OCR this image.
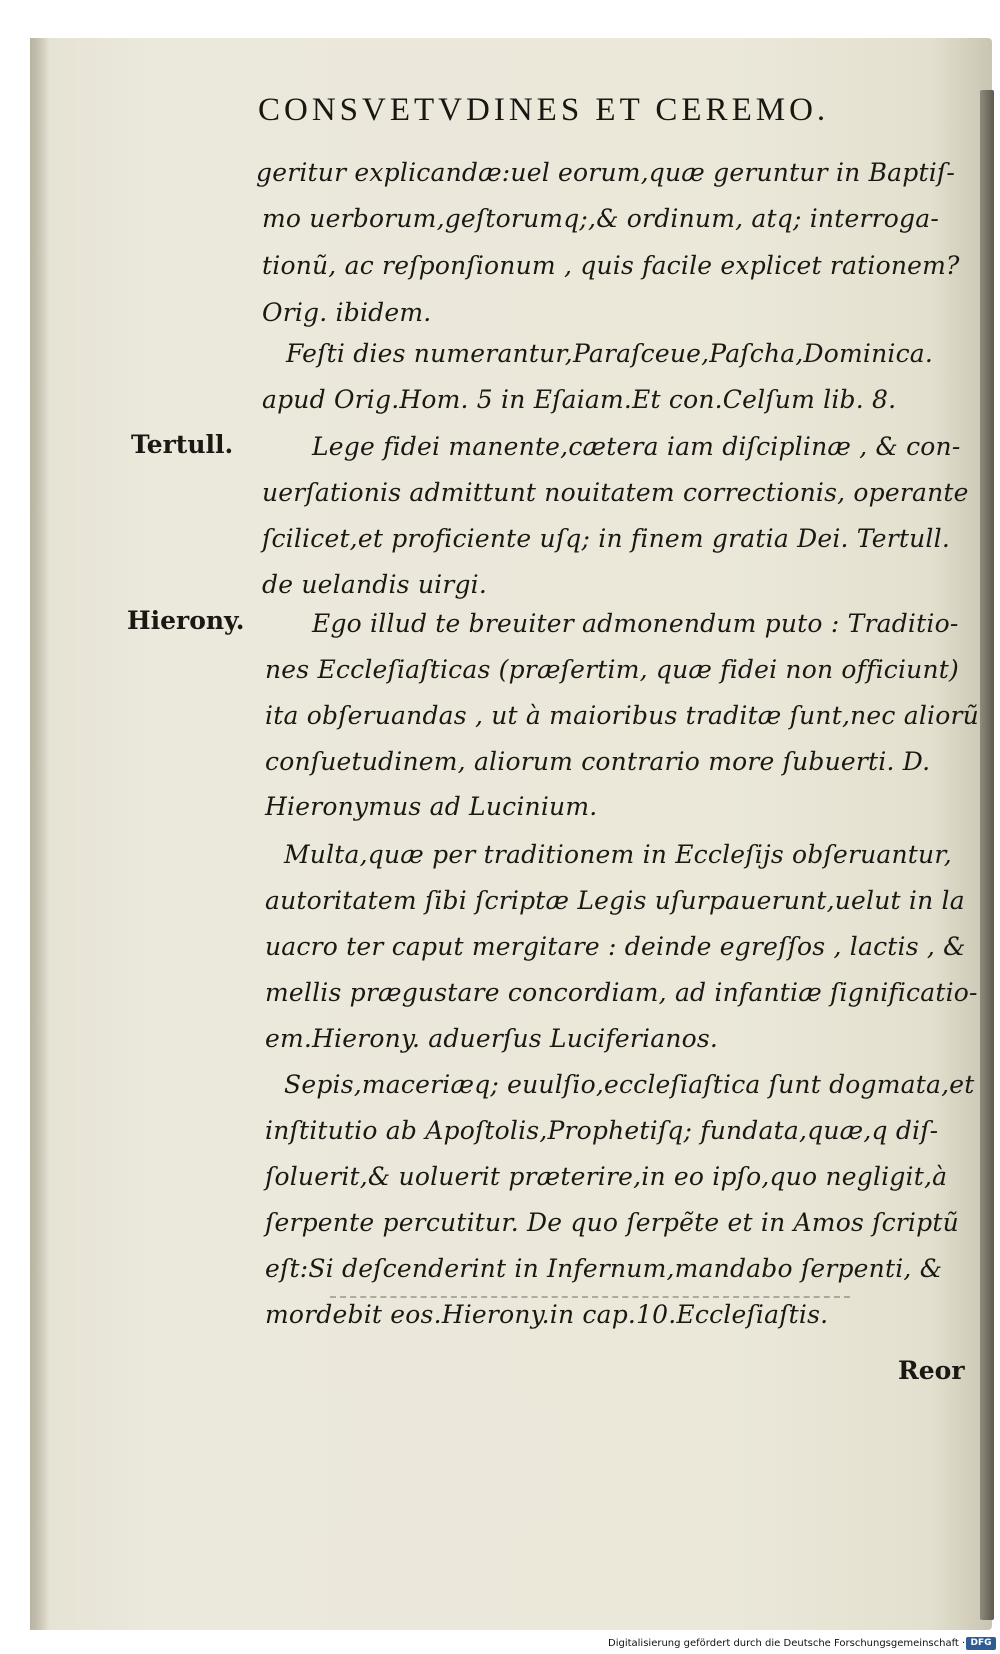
CONSVETVDINES ET CEREMO.
Tertull.
Hierony.
geritur explicandæ:uel eorum,quæ geruntur in Baptiſ-
mo uerborum,geſtorumq;,& ordinum, atq; interroga-
tionũ, ac reſponſionum , quis facile explicet rationem?
Orig. ibidem.
Feſti dies numerantur,Paraſceue,Paſcha,Dominica.
apud Orig.Hom. 5 in Eſaiam.Et con.Celſum lib. 8.
Lege fidei manente,cætera iam diſciplinæ , & con-
uerſationis admittunt nouitatem correctionis, operante
ſcilicet,et proficiente uſq; in finem gratia Dei. Tertull.
de uelandis uirgi.
Ego illud te breuiter admonendum puto : Traditio-
nes Eccleſiaſticas (præſertim, quæ fidei non officiunt)
ita obſeruandas , ut à maioribus traditæ ſunt,nec aliorũ
conſuetudinem, aliorum contrario more ſubuerti. D.
Hieronymus ad Lucinium.
Multa,quæ per traditionem in Eccleſijs obſeruantur,
autoritatem ſibi ſcriptæ Legis uſurpauerunt,uelut in la
uacro ter caput mergitare : deinde egreſſos , lactis , &
mellis prægustare concordiam, ad infantiæ ſignificatio-
em.Hierony. aduerſus Luciferianos.
Sepis,maceriæq; euulſio,eccleſiaſtica ſunt dogmata,et
inſtitutio ab Apoſtolis,Prophetiſq; fundata,quæ,q diſ-
ſoluerit,& uoluerit præterire,in eo ipſo,quo negligit,à
ſerpente percutitur. De quo ſerpẽte et in Amos ſcriptũ
eſt:Si deſcenderint in Infernum,mandabo ſerpenti, &
mordebit eos.Hierony.in cap.10.Eccleſiaſtis.
Reor
Digitalisierung gefördert durch die Deutsche Forschungsgemeinschaft · DFG
